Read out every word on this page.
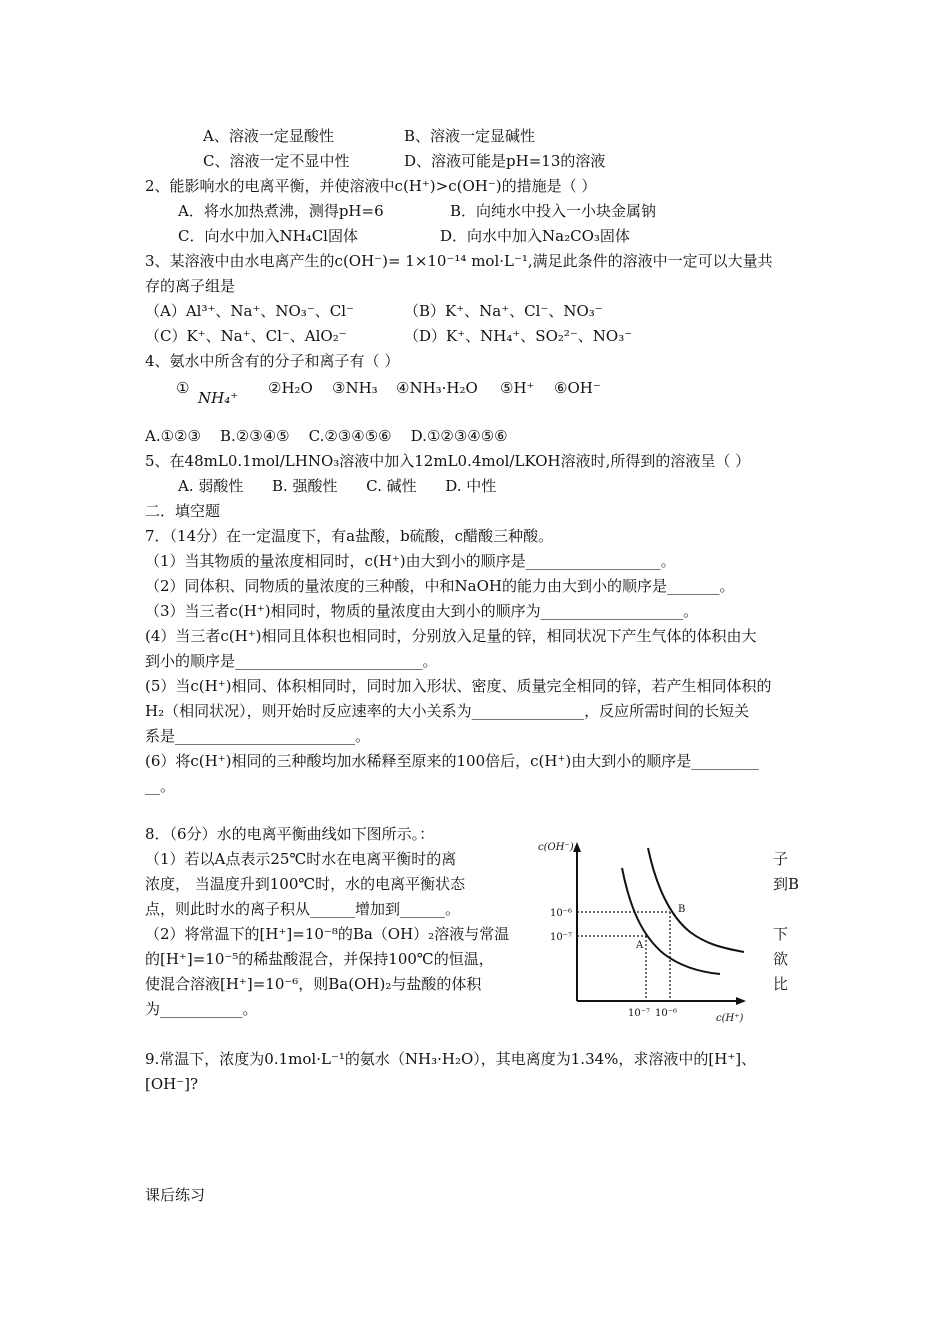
A、溶液一定显酸性	B、溶液一定显碱性
C、溶液一定不显中性	D、溶液可能是pH=13的溶液
2、能影响水的电离平衡，并使溶液中c(H⁺)>c(OH⁻)的措施是（ ）
A．将水加热煮沸，测得pH=6	B．向纯水中投入一小块金属钠
C．向水中加入NH₄Cl固体	D．向水中加入Na₂CO₃固体
3、某溶液中由水电离产生的c(OH⁻)= 1×10⁻¹⁴ mol·L⁻¹,满足此条件的溶液中一定可以大量共
存的离子组是
（A）Al³⁺、Na⁺、NO₃⁻、Cl⁻	（B）K⁺、Na⁺、Cl⁻、NO₃⁻
（C）K⁺、Na⁺、Cl⁻、AlO₂⁻	（D）K⁺、NH₄⁺、SO₂²⁻、NO₃⁻
4、氨水中所含有的分子和离子有（ ）
①
NH₄⁺
②H₂O ③NH₃ ④NH₃·H₂O ⑤H⁺ ⑥OH⁻
A.①②③    B.②③④⑤    C.②③④⑤⑥    D.①②③④⑤⑥
5、在48mL0.1mol/LHNO₃溶液中加入12mL0.4mol/LKOH溶液时,所得到的溶液呈（ ）
A. 弱酸性      B. 强酸性      C. 碱性      D. 中性
二．填空题
7．（14分）在一定温度下，有a盐酸，b硫酸，c醋酸三种酸。
（1）当其物质的量浓度相同时，c(H⁺)由大到小的顺序是__________________。
（2）同体积、同物质的量浓度的三种酸，中和NaOH的能力由大到小的顺序是_______。
（3）当三者c(H⁺)相同时，物质的量浓度由大到小的顺序为___________________。
(4）当三者c(H⁺)相同且体积也相同时，分别放入足量的锌，相同状况下产生气体的体积由大
到小的顺序是_________________________。
(5）当c(H⁺)相同、体积相同时，同时加入形状、密度、质量完全相同的锌，若产生相同体积的
H₂（相同状况），则开始时反应速率的大小关系为_______________，反应所需时间的长短关
系是________________________。
(6）将c(H⁺)相同的三种酸均加水稀释至原来的100倍后，c(H⁺)由大到小的顺序是_________
__。
8．（6分）水的电离平衡曲线如下图所示。：
（1）若以A点表示25℃时水在电离平衡时的离
浓度， 当温度升到100℃时，水的电离平衡状态
点，则此时水的离子积从______增加到______。
（2）将常温下的[H⁺]=10⁻⁸的Ba（OH）₂溶液与常温
的[H⁺]=10⁻⁵的稀盐酸混合，并保持100℃的恒温，
使混合溶液[H⁺]=10⁻⁶，则Ba(OH)₂与盐酸的体积
为___________。
子
到B
下
欲
比
c(OH⁻)
c(H⁺)
10⁻⁶
10⁻⁷
10⁻⁷ 10⁻⁶
A
B
9.常温下，浓度为0.1mol·L⁻¹的氨水（NH₃·H₂O），其电离度为1.34%，求溶液中的[H⁺]、
[OH⁻]?
课后练习
